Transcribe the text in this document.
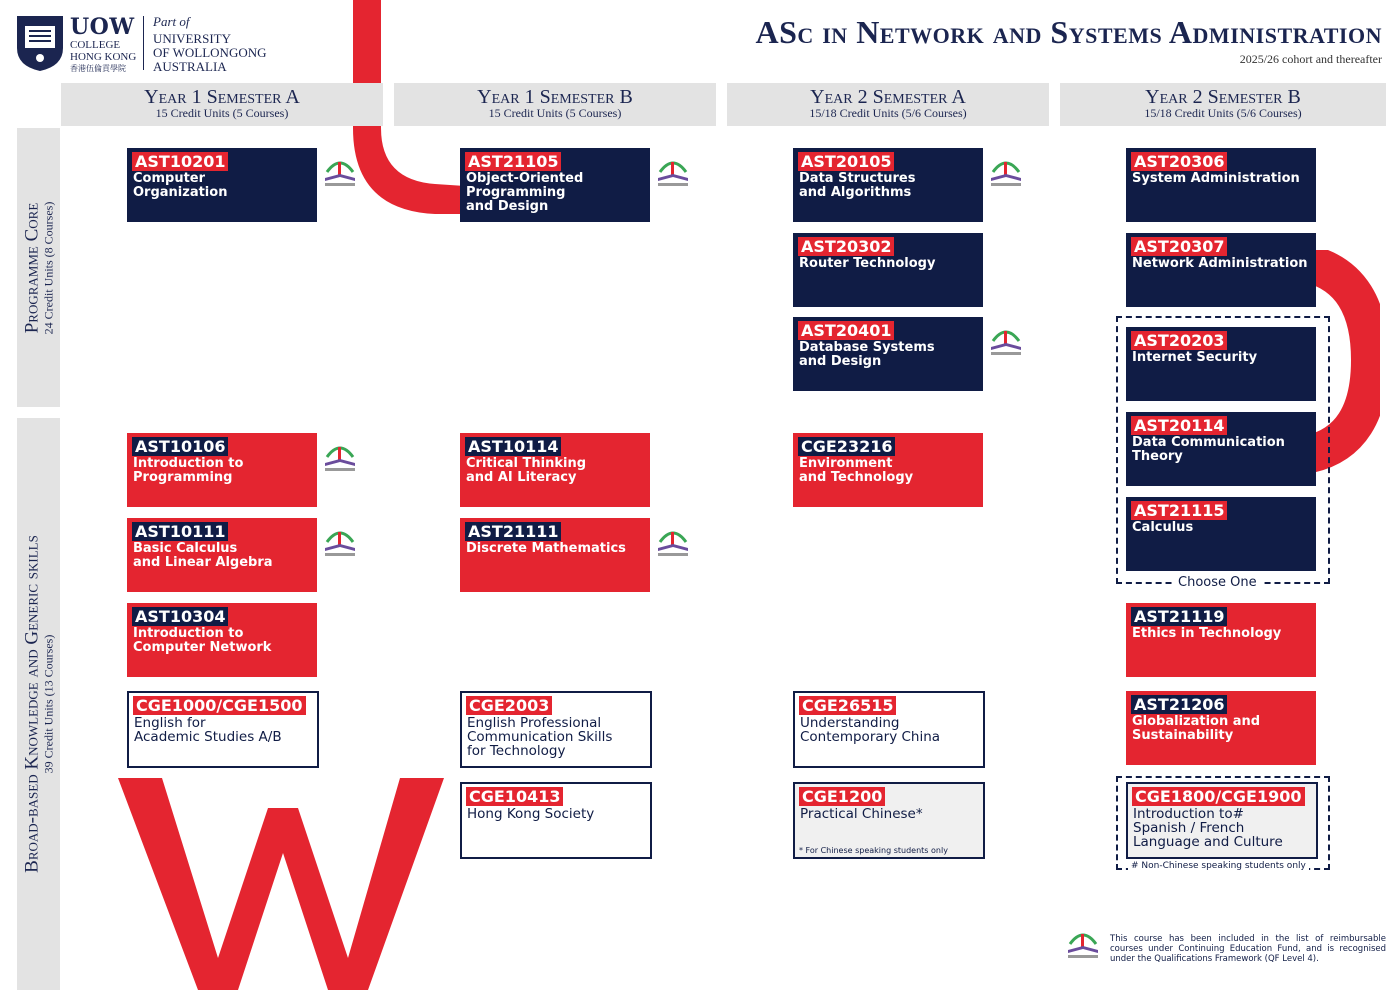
UOW
COLLEGE
HONG KONG
香港伍倫貢學院
Part of
UNIVERSITY
OF WOLLONGONG
AUSTRALIA
ASc in Network and Systems Administration
2025/26 cohort and thereafter
Year 1 Semester A
15 Credit Units (5 Courses)
Year 1 Semester B
15 Credit Units (5 Courses)
Year 2 Semester A
15/18 Credit Units (5/6 Courses)
Year 2 Semester B
15/18 Credit Units (5/6 Courses)
Programme Core 24 Credit Units (8 Courses)
Broad-based Knowledge and Generic skills 39 Credit Units (13 Courses)
Choose One
# Non-Chinese speaking students only
AST10201
Computer
Organization
AST21105
Object-Oriented
Programming
and Design
AST20105
Data Structures
and Algorithms
AST20306
System Administration
AST20302
Router Technology
AST20307
Network Administration
AST20401
Database Systems
and Design
AST20203
Internet Security
AST20114
Data Communication
Theory
AST21115
Calculus
AST10106
Introduction to
Programming
AST10114
Critical Thinking
and AI Literacy
CGE23216
Environment
and Technology
AST10111
Basic Calculus
and Linear Algebra
AST21111
Discrete Mathematics
AST10304
Introduction to
Computer Network
AST21119
Ethics in Technology
CGE1000/CGE1500
English for
Academic Studies A/B
CGE2003
English Professional
Communication Skills
for Technology
CGE26515
Understanding
Contemporary China
AST21206
Globalization and
Sustainability
CGE10413
Hong Kong Society
CGE1200
Practical Chinese*
* For Chinese speaking students only
CGE1800/CGE1900
Introduction to#
Spanish / French
Language and Culture
This course has been included in the list of reimbursable courses under Continuing Education Fund, and is recognised under the Qualifications Framework (QF Level 4).
